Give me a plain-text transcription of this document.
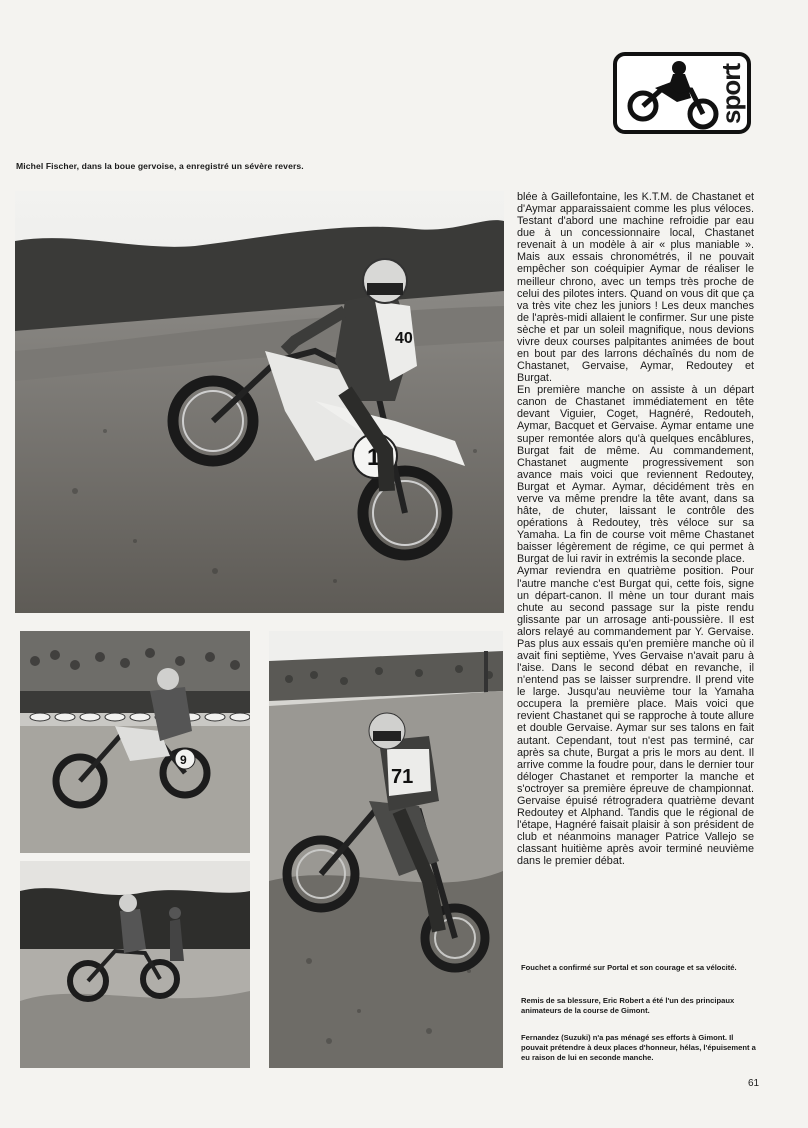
sport
Michel Fischer, dans la boue gervoise, a enregistré un sévère revers.
16
40
9
71

blée à Gaillefontaine, les K.T.M. de Chastanet et d'Aymar apparaissaient comme les plus véloces. Testant d'abord une machine refroidie par eau due à un concessionnaire local, Chastanet revenait à un modèle à air « plus maniable ». Mais aux essais chronométrés, il ne pouvait empêcher son coéquipier Aymar de réaliser le meilleur chrono, avec un temps très proche de celui des pilotes inters. Quand on vous dit que ça va très vite chez les juniors ! Les deux manches de l'après-midi allaient le confirmer. Sur une piste sèche et par un soleil magnifique, nous devions vivre deux courses palpitantes animées de bout en bout par des larrons déchaînés du nom de Chastanet, Gervaise, Aymar, Redoutey et Burgat.

En première manche on assiste à un départ canon de Chastanet immédiatement en tête devant Viguier, Coget, Hagnéré, Redouteh, Aymar, Bacquet et Gervaise. Aymar entame une super remontée alors qu'à quelques encâblures, Burgat fait de même. Au commandement, Chastanet augmente progressivement son avance mais voici que reviennent Redoutey, Burgat et Aymar. Aymar, décidément très en verve va même prendre la tête avant, dans sa hâte, de chuter, laissant le contrôle des opérations à Redoutey, très véloce sur sa Yamaha. La fin de course voit même Chastanet baisser légèrement de régime, ce qui permet à Burgat de lui ravir in extrémis la seconde place.

Aymar reviendra en quatrième position. Pour l'autre manche c'est Burgat qui, cette fois, signe un départ-canon. Il mène un tour durant mais chute au second passage sur la piste rendu glissante par un arrosage anti-poussière. Il est alors relayé au commandement par Y. Gervaise. Pas plus aux essais qu'en première manche où il avait fini septième, Yves Gervaise n'avait paru à l'aise. Dans le second débat en revanche, il n'entend pas se laisser surprendre. Il prend vite le large. Jusqu'au neuvième tour la Yamaha occupera la première place. Mais voici que revient Chastanet qui se rapproche à toute allure et double Gervaise. Aymar sur ses talons en fait autant. Cependant, tout n'est pas terminé, car après sa chute, Burgat a pris le mors au dent. Il arrive comme la foudre pour, dans le dernier tour déloger Chastanet et remporter la manche et s'octroyer sa première épreuve de championnat. Gervaise épuisé rétrogradera quatrième devant Redoutey et Alphand. Tandis que le régional de l'étape, Hagnéré faisait plaisir à son président de club et néanmoins manager Patrice Vallejo se classant huitième après avoir terminé neuvième dans le premier débat.

Fouchet a confirmé sur Portal et son courage et sa vélocité.
Remis de sa blessure, Eric Robert a été l'un des principaux animateurs de la course de Gimont.
Fernandez (Suzuki) n'a pas ménagé ses efforts à Gimont. Il pouvait prétendre à deux places d'honneur, hélas, l'épuisement a eu raison de lui en seconde manche.
61
